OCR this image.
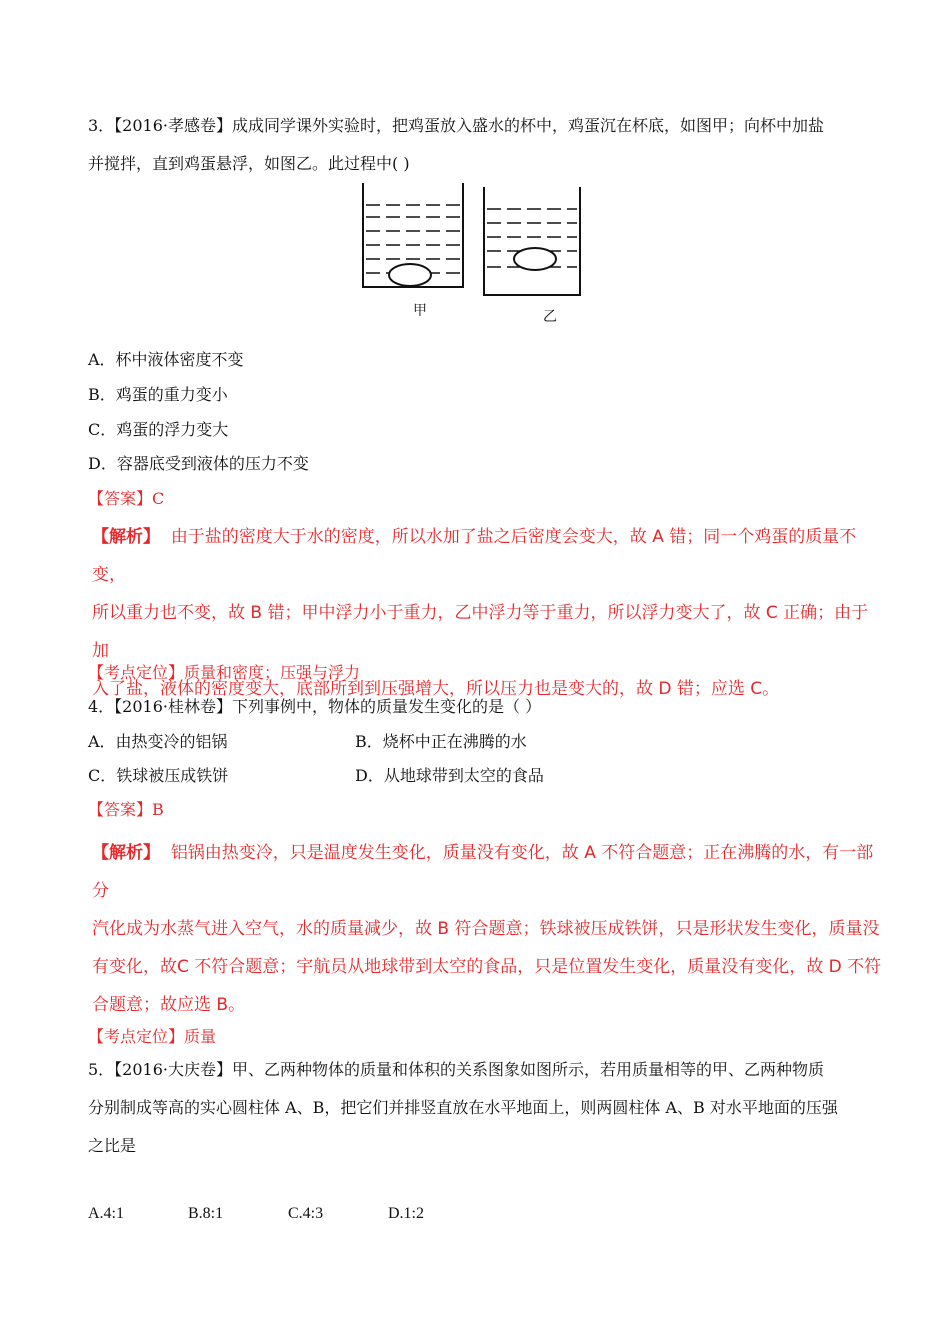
3．【2016·孝感卷】成成同学课外实验时，把鸡蛋放入盛水的杯中，鸡蛋沉在杯底，如图甲；向杯中加盐
并搅拌，直到鸡蛋悬浮，如图乙。此过程中( )
甲	乙
A．杯中液体密度不变
B．鸡蛋的重力变小
C．鸡蛋的浮力变大
D．容器底受到液体的压力不变
【答案】C
【解析】 由于盐的密度大于水的密度，所以水加了盐之后密度会变大，故 A 错；同一个鸡蛋的质量不变，
所以重力也不变，故 B 错；甲中浮力小于重力，乙中浮力等于重力，所以浮力变大了，故 C 正确；由于加
入了盐，液体的密度变大，底部所到到压强增大，所以压力也是变大的，故 D 错；应选 C。
【考点定位】质量和密度；压强与浮力
4．【2016·桂林卷】下列事例中，物体的质量发生变化的是（ ）
A．由热变冷的铝锅	B．烧杯中正在沸腾的水
C．铁球被压成铁饼	D．从地球带到太空的食品
【答案】B
【解析】 铝锅由热变冷，只是温度发生变化，质量没有变化，故 A 不符合题意；正在沸腾的水，有一部分
汽化成为水蒸气进入空气，水的质量减少，故 B 符合题意；铁球被压成铁饼，只是形状发生变化，质量没
有变化，故C 不符合题意；宇航员从地球带到太空的食品，只是位置发生变化，质量没有变化，故 D 不符
合题意；故应选 B。
【考点定位】质量
5．【2016·大庆卷】甲、乙两种物体的质量和体积的关系图象如图所示，若用质量相等的甲、乙两种物质
分别制成等高的实心圆柱体 A、B，把它们并排竖直放在水平地面上，则两圆柱体 A、B 对水平地面的压强
之比是
A.4:1	B.8:1	C.4:3	D.1:2
